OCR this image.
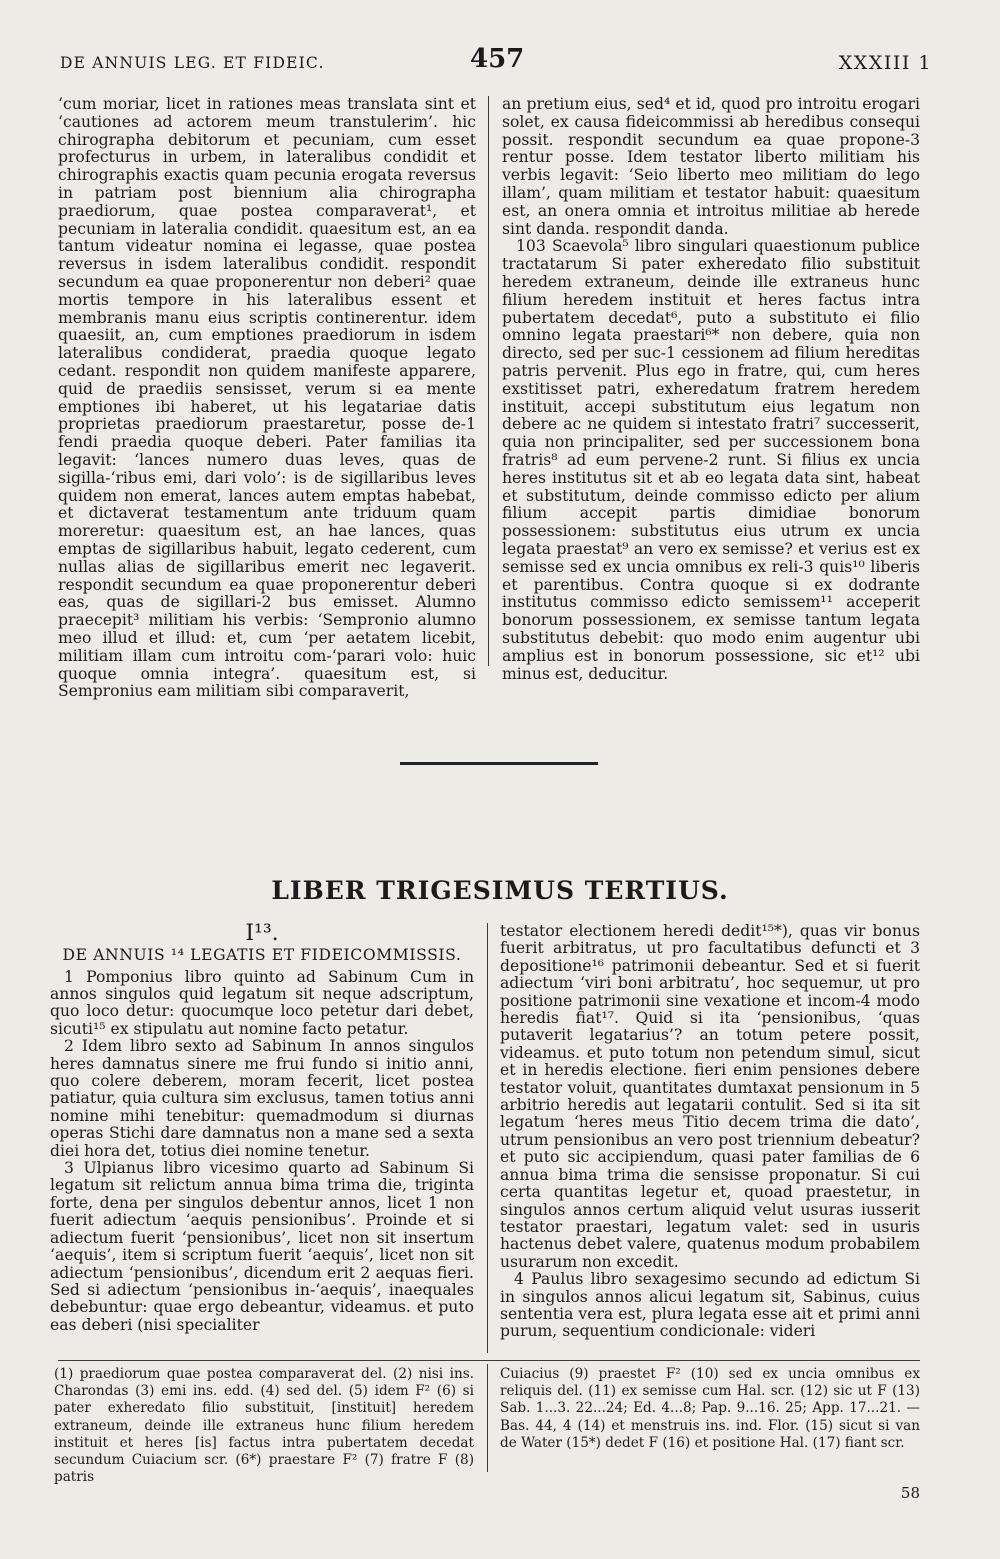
DE ANNUIS LEG. ET FIDEIC.	457	XXXIII 1

‘cum moriar, licet in rationes meas translata sint et ‘cautiones ad actorem meum transtulerim’. hic chirographa debitorum et pecuniam, cum esset profecturus in urbem, in lateralibus condidit et chirographis exactis quam pecunia erogata reversus in patriam post biennium alia chirographa praediorum, quae postea comparaverat¹, et pecuniam in lateralia condidit. quaesitum est, an ea tantum videatur nomina ei legasse, quae postea reversus in isdem lateralibus condidit. respondit secundum ea quae proponerentur non deberi² quae mortis tempore in his lateralibus essent et membranis manu eius scriptis continerentur. idem quaesiit, an, cum emptiones praediorum in isdem lateralibus condiderat, praedia quoque legato cedant. respondit non quidem manifeste apparere, quid de praediis sensisset, verum si ea mente emptiones ibi haberet, ut his legatariae datis proprietas praediorum praestaretur, posse de-1 fendi praedia quoque deberi. Pater familias ita legavit: ‘lances numero duas leves, quas de sigilla-‘ribus emi, dari volo’: is de sigillaribus leves quidem non emerat, lances autem emptas habebat, et dictaverat testamentum ante triduum quam moreretur: quaesitum est, an hae lances, quas emptas de sigillaribus habuit, legato cederent, cum nullas alias de sigillaribus emerit nec legaverit. respondit secundum ea quae proponerentur deberi eas, quas de sigillari-2 bus emisset. Alumno praecepit³ militiam his verbis: ‘Sempronio alumno meo illud et illud: et, cum ‘per aetatem licebit, militiam illam cum introitu com-‘parari volo: huic quoque omnia integra’. quaesitum est, si Sempronius eam militiam sibi comparaverit,

an pretium eius, sed⁴ et id, quod pro introitu erogari solet, ex causa fideicommissi ab heredibus consequi possit. respondit secundum ea quae propone-3 rentur posse. Idem testator liberto militiam his verbis legavit: ‘Seio liberto meo militiam do lego illam’, quam militiam et testator habuit: quaesitum est, an onera omnia et introitus militiae ab herede sint danda. respondit danda.

103 Scaevola⁵ libro singulari quaestionum publice tractatarum Si pater exheredato filio substituit heredem extraneum, deinde ille extraneus hunc filium heredem instituit et heres factus intra pubertatem decedat⁶, puto a substituto ei filio omnino legata praestari⁶* non debere, quia non directo, sed per suc-1 cessionem ad filium hereditas patris pervenit. Plus ego in fratre, qui, cum heres exstitisset patri, exheredatum fratrem heredem instituit, accepi substitutum eius legatum non debere ac ne quidem si intestato fratri⁷ successerit, quia non principaliter, sed per successionem bona fratris⁸ ad eum pervene-2 runt. Si filius ex uncia heres institutus sit et ab eo legata data sint, habeat et substitutum, deinde commisso edicto per alium filium accepit partis dimidiae bonorum possessionem: substitutus eius utrum ex uncia legata praestat⁹ an vero ex semisse? et verius est ex semisse sed ex uncia omnibus ex reli-3 quis¹⁰ liberis et parentibus. Contra quoque si ex dodrante institutus commisso edicto semissem¹¹ acceperit bonorum possessionem, ex semisse tantum legata substitutus debebit: quo modo enim augentur ubi amplius est in bonorum possessione, sic et¹² ubi minus est, deducitur.

LIBER TRIGESIMUS TERTIUS.
I¹³.
DE ANNUIS ¹⁴ LEGATIS ET FIDEICOMMISSIS.

1 Pomponius libro quinto ad Sabinum Cum in annos singulos quid legatum sit neque adscriptum, quo loco detur: quocumque loco petetur dari debet, sicuti¹⁵ ex stipulatu aut nomine facto petatur.

2 Idem libro sexto ad Sabinum In annos singulos heres damnatus sinere me frui fundo si initio anni, quo colere deberem, moram fecerit, licet postea patiatur, quia cultura sim exclusus, tamen totius anni nomine mihi tenebitur: quemadmodum si diurnas operas Stichi dare damnatus non a mane sed a sexta diei hora det, totius diei nomine tenetur.

3 Ulpianus libro vicesimo quarto ad Sabinum Si legatum sit relictum annua bima trima die, triginta forte, dena per singulos debentur annos, licet 1 non fuerit adiectum ‘aequis pensionibus’. Proinde et si adiectum fuerit ‘pensionibus’, licet non sit insertum ‘aequis’, item si scriptum fuerit ‘aequis’, licet non sit adiectum ‘pensionibus’, dicendum erit 2 aequas fieri. Sed si adiectum ‘pensionibus in-‘aequis’, inaequales debebuntur: quae ergo debeantur, videamus. et puto eas deberi (nisi specialiter

testator electionem heredi dedit¹⁵*), quas vir bonus fuerit arbitratus, ut pro facultatibus defuncti et 3 depositione¹⁶ patrimonii debeantur. Sed et si fuerit adiectum ‘viri boni arbitratu’, hoc sequemur, ut pro positione patrimonii sine vexatione et incom-4 modo heredis fiat¹⁷. Quid si ita ‘pensionibus, ‘quas putaverit legatarius’? an totum petere possit, videamus. et puto totum non petendum simul, sicut et in heredis electione. fieri enim pensiones debere testator voluit, quantitates dumtaxat pensionum in 5 arbitrio heredis aut legatarii contulit. Sed si ita sit legatum ‘heres meus Titio decem trima die dato’, utrum pensionibus an vero post triennium debeatur? et puto sic accipiendum, quasi pater familias de 6 annua bima trima die sensisse proponatur. Si cui certa quantitas legetur et, quoad praestetur, in singulos annos certum aliquid velut usuras iusserit testator praestari, legatum valet: sed in usuris hactenus debet valere, quatenus modum probabilem usurarum non excedit.

4 Paulus libro sexagesimo secundo ad edictum Si in singulos annos alicui legatum sit, Sabinus, cuius sententia vera est, plura legata esse ait et primi anni purum, sequentium condicionale: videri

(1) praediorum quae postea comparaverat del. (2) nisi ins. Charondas (3) emi ins. edd. (4) sed del. (5) idem F² (6) si pater exheredato filio substituit, [instituit] heredem extraneum, deinde ille extraneus hunc filium heredem instituit et heres [is] factus intra pubertatem decedat secundum Cuiacium scr. (6*) praestare F² (7) fratre F (8) patris

Cuiacius (9) praestet F² (10) sed ex uncia omnibus ex reliquis del. (11) ex semisse cum Hal. scr. (12) sic ut F (13) Sab. 1...3. 22...24; Ed. 4...8; Pap. 9...16. 25; App. 17...21. — Bas. 44, 4 (14) et menstruis ins. ind. Flor. (15) sicut si van de Water (15*) dedet F (16) et positione Hal. (17) fiant scr.

58
